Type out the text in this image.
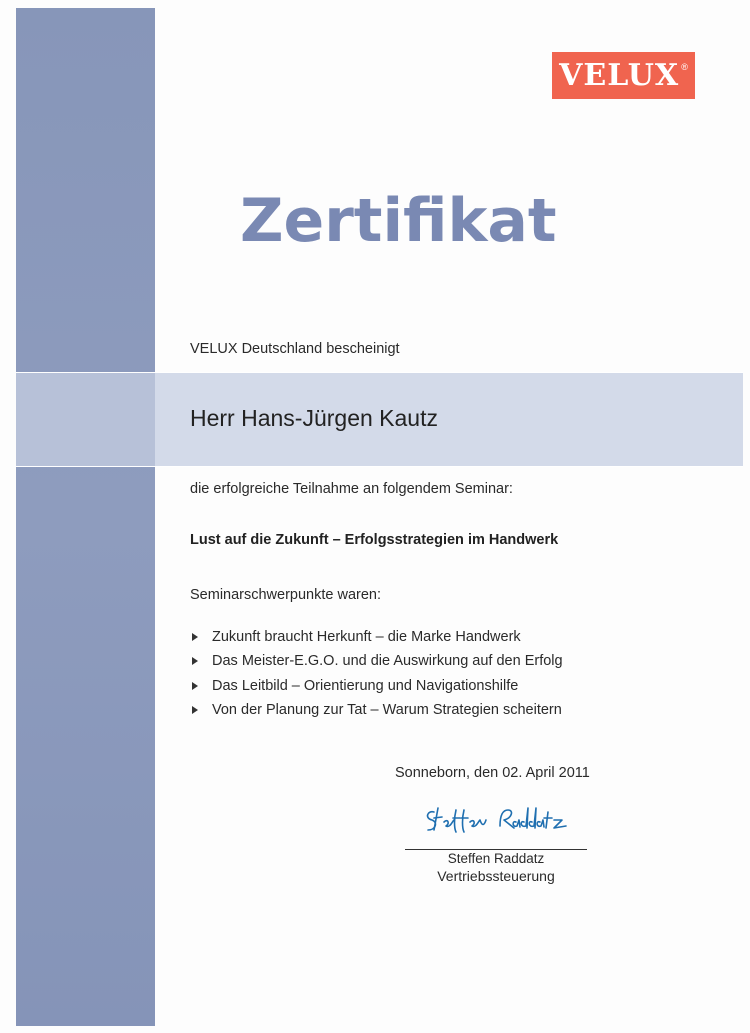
VELUX ®
Zertifikat
VELUX Deutschland bescheinigt
Herr Hans-Jürgen Kautz
die erfolgreiche Teilnahme an folgendem Seminar:
Lust auf die Zukunft – Erfolgsstrategien im Handwerk
Seminarschwerpunkte waren:
Zukunft braucht Herkunft – die Marke Handwerk
Das Meister-E.G.O. und die Auswirkung auf den Erfolg
Das Leitbild – Orientierung und Navigationshilfe
Von der Planung zur Tat – Warum Strategien scheitern
Sonneborn, den 02. April 2011
Steffen Raddatz
Vertriebssteuerung
